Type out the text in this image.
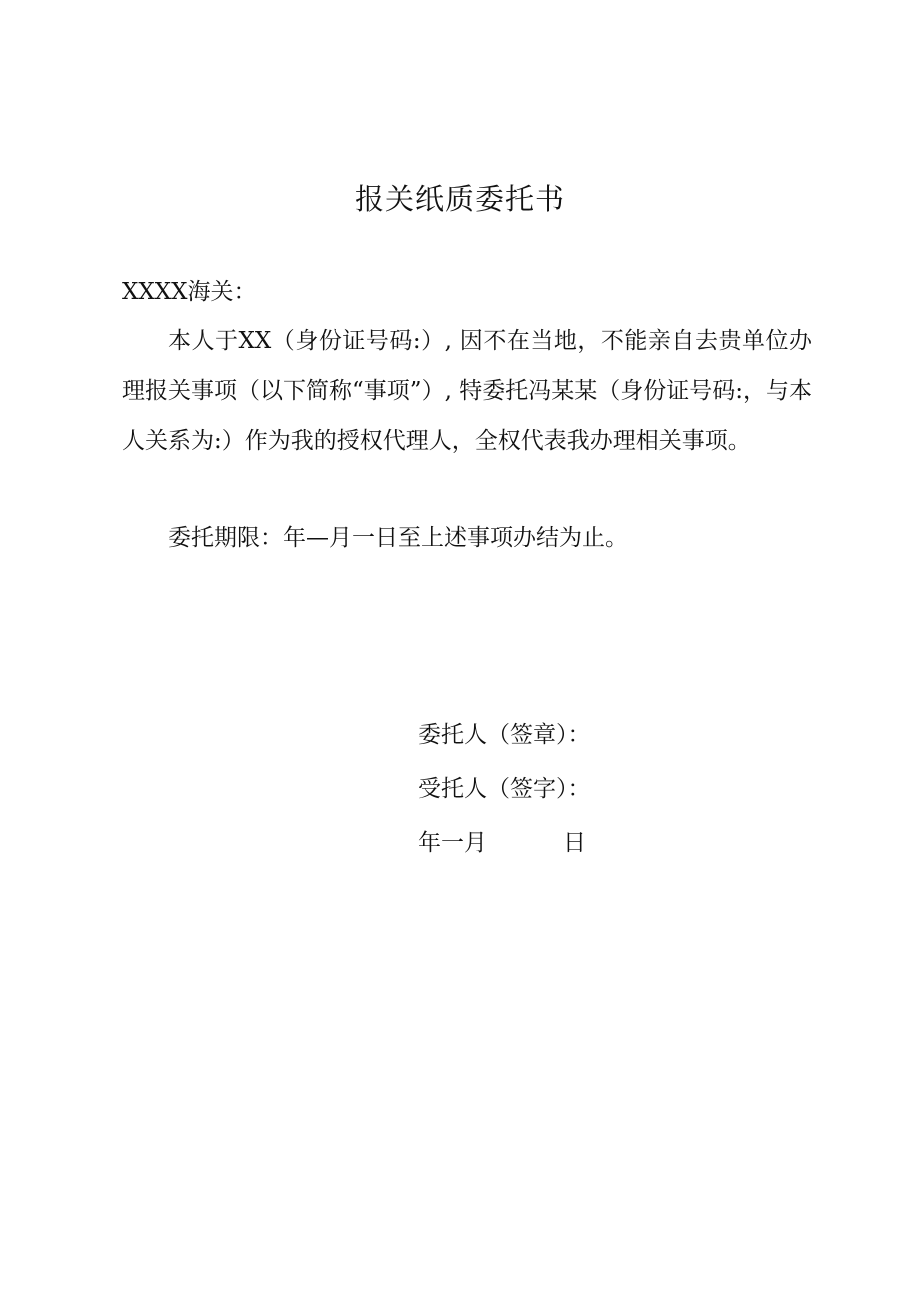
报关纸质委托书
XXXX海关：
本人于XX（身份证号码:）, 因不在当地，不能亲自去贵单位办理报关事项（以下简称“事项”）, 特委托冯某某（身份证号码:，与本人关系为:）作为我的授权代理人，全权代表我办理相关事项。
委托期限：年—月一日至上述事项办结为止。
委托人（签章）：
受托人（签字）：
年一月	日
